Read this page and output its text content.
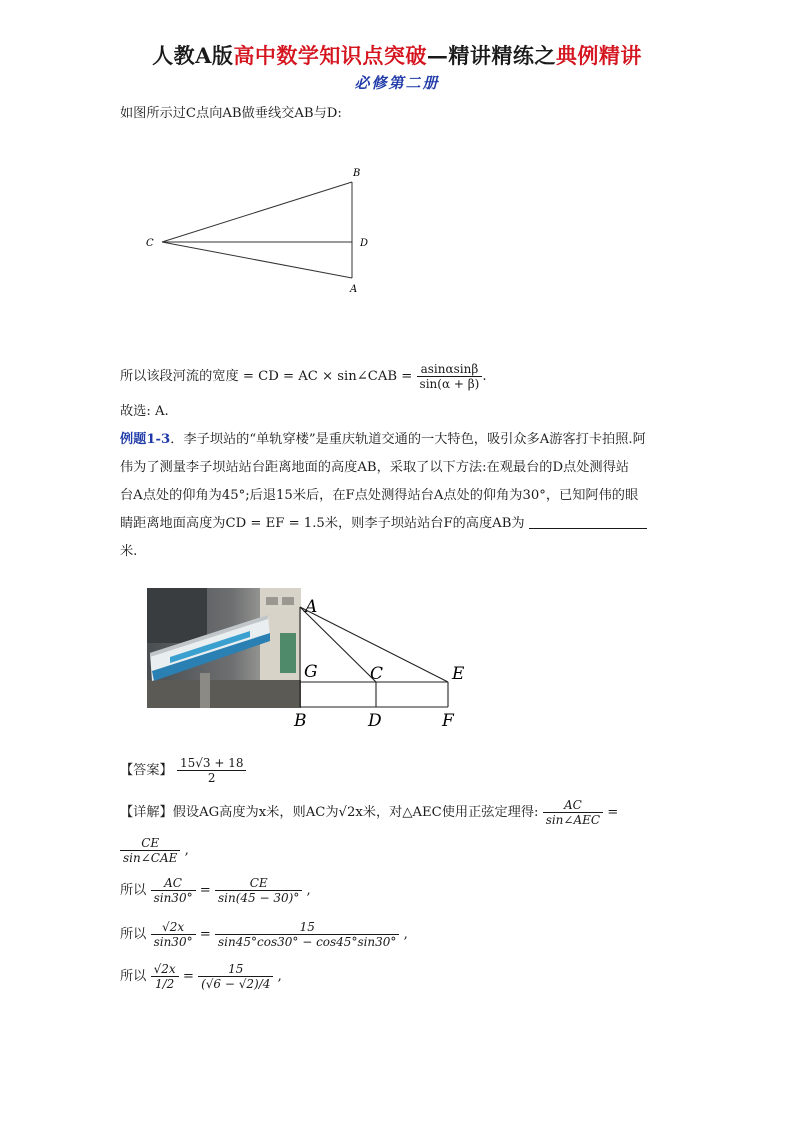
人教A版高中数学知识点突破—精讲精练之典例精讲
必修第二册
如图所示过C点向AB做垂线交AB与D:
B
C	D
A
所以该段河流的宽度 = CD = AC × sin∠CAB = $\frac{asin\alpha\sin\beta}{\sin(\alpha + \beta)}$ .
故选: A.
例题1-3．李子坝站的“单轨穿楼”是重庆轨道交通的一大特色，吸引众多A游客打卡拍照.阿
伟为了测量李子坝站站台距离地面的高度AB，采取了以下方法:在观最台的D点处测得站
台A点处的仰角为45°;后退15米后，在F点处测得站台A点处的仰角为30°，已知阿伟的眼
睛距离地面高度为CD = EF = 1.5米，则李子坝站站台F的高度AB为
米.
A
G	C	E
B	D	F
【答案】 $\frac{15√3 + 18}{2}$
【详解】假设AG高度为x米，则AC为√2x米，对△AEC使用正弦定理得: $\frac{AC}{\text{sin∠AEC}}$ =
$\frac{CE}{\text{sin∠CAE}}$ ,
所以 $\frac{AC}{\sin 30^\circ} = \frac{CE}{\sin(45 - 30)^\circ}$ ,
所以 $\frac{√2x}{\sin 30^\circ} = \frac{15}{\sin 45^\circ\cos 30^\circ - \cos 45^\circ\sin 30^\circ}$ ,
所以 $\frac{√2x}{1/2} = \frac{15}{(√6 - √2)/4}$ ,
